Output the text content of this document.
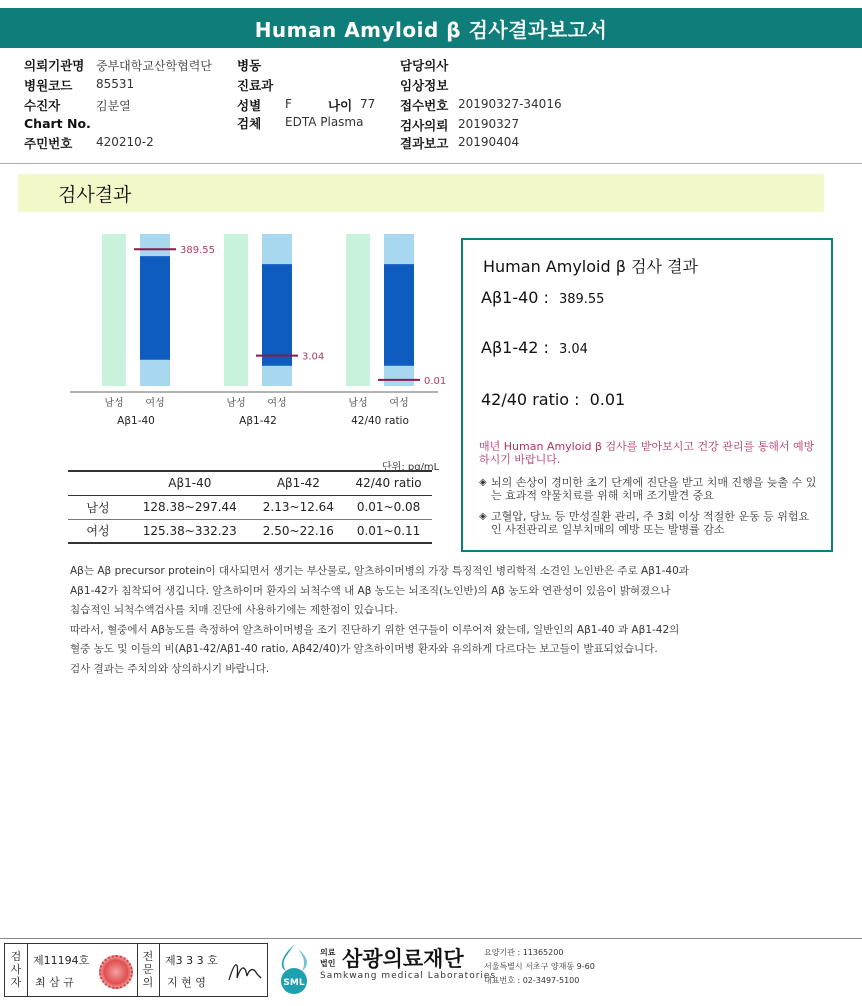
Human Amyloid β 검사결과보고서
의뢰기관명 중부대학교산학협력단
병원코드 85531
수진자	김분열
Chart No.
주민번호 420210-2
병동
진료과
성별 F	나이 77
검체 EDTA Plasma
담당의사
임상정보
접수번호 20190327-34016
검사의뢰 20190327
결과보고 20190404
검사결과
389.55
남성 여성
Aβ1-40
3.04
남성 여성
Aβ1-42
0.01
남성 여성
42/40 ratio
단위: pg/mL
	Aβ1-40	Aβ1-42	42/40 ratio
남성	128.38~297.44	2.13~12.64	0.01~0.08
여성	125.38~332.23	2.50~22.16	0.01~0.11
Human Amyloid β 검사 결과
Aβ1-40 : 389.55
Aβ1-42 : 3.04
42/40 ratio : 0.01
매년 Human Amyloid β 검사를 받아보시고 건강 관리를 통해서 예방하시기 바랍니다.
◈ 뇌의 손상이 경미한 초기 단계에 진단을 받고 치매 진행을 늦출 수 있는 효과적 약물치료를 위해 치매 조기발견 중요
◈ 고혈압, 당뇨 등 만성질환 관리, 주 3회 이상 적절한 운동 등 위험요인 사전관리로 일부치매의 예방 또는 발병률 감소
Aβ는 Aβ precursor protein이 대사되면서 생기는 부산물로, 알츠하이머병의 가장 특징적인 병리학적 소견인 노인반은 주로 Aβ1-40과
Aβ1-42가 침착되어 생깁니다. 알츠하이머 환자의 뇌척수액 내 Aβ 농도는 뇌조직(노인반)의 Aβ 농도와 연관성이 있음이 밝혀졌으나
침습적인 뇌척수액검사를 치매 진단에 사용하기에는 제한점이 있습니다.
따라서, 혈중에서 Aβ농도를 측정하여 알츠하이머병을 조기 진단하기 위한 연구들이 이루어져 왔는데, 일반인의 Aβ1-40 과 Aβ1-42의
혈중 농도 및 이들의 비(Aβ1-42/Aβ1-40 ratio, Aβ42/40)가 알츠하이머병 환자와 유의하게 다르다는 보고들이 발표되었습니다.
검사 결과는 주치의와 상의하시기 바랍니다.
검사자
제11194호
최 삼 규
전문의
제3 3 3 호
지 현 영	SML
의료법인 삼광의료재단
Samkwang medical Laboratories
요양기관 : 11365200
서울특별시 서초구 양재동 9-60
대표번호 : 02-3497-5100
